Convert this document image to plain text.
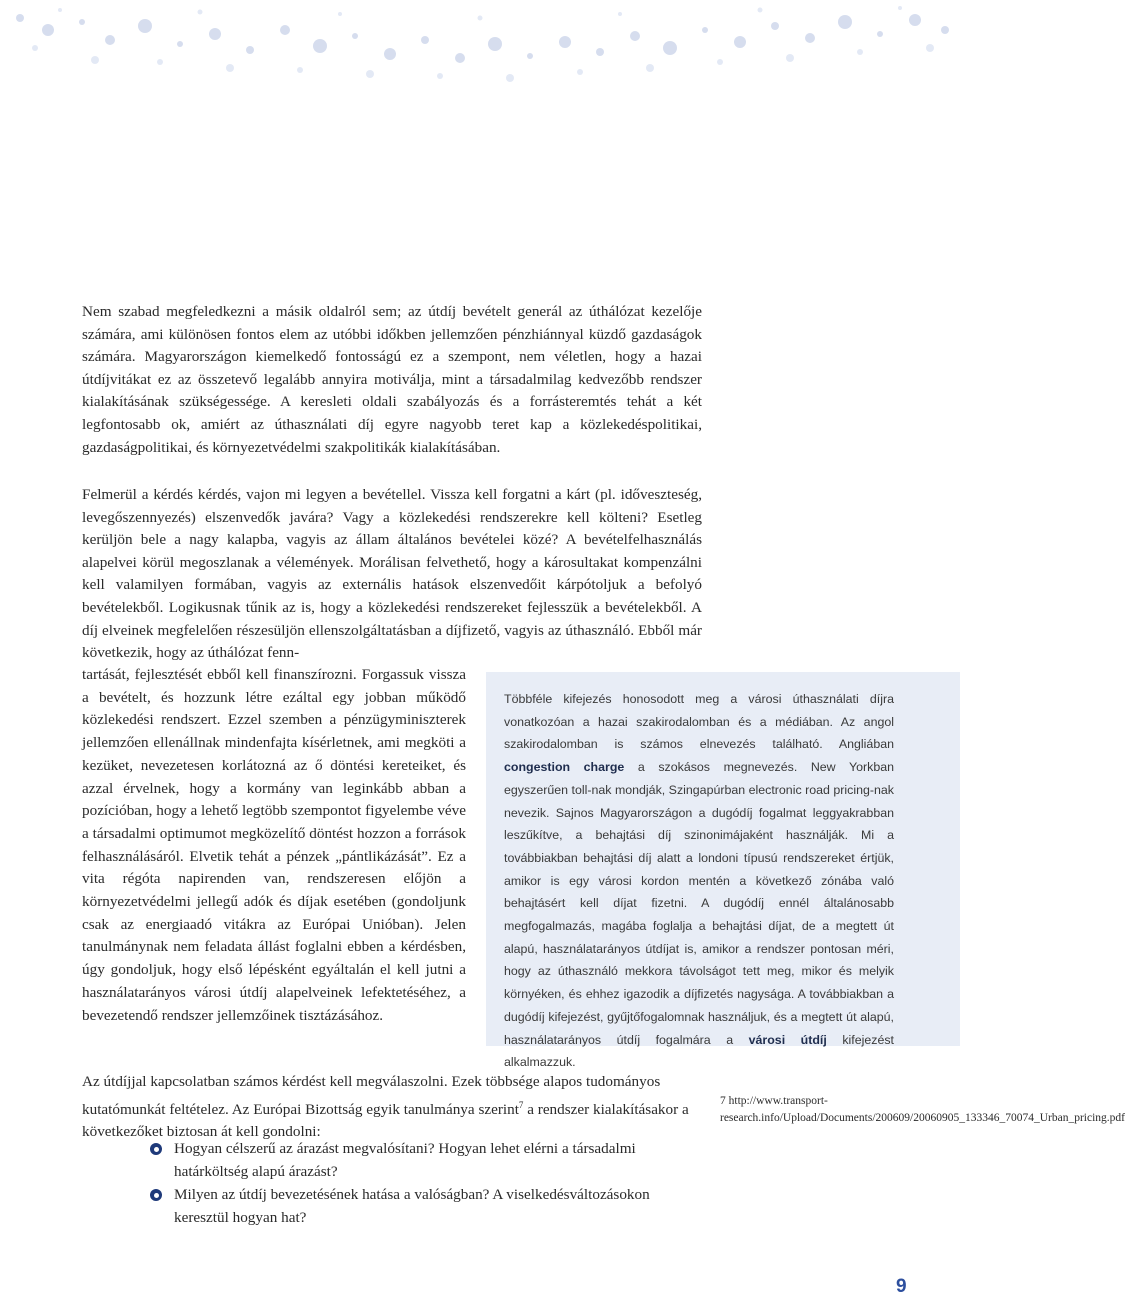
Nem szabad megfeledkezni a másik oldalról sem; az útdíj bevételt generál az úthálózat kezelője számára, ami különösen fontos elem az utóbbi időkben jellemzően pénzhiánnyal küzdő gazdaságok számára. Magyarországon kiemelkedő fontosságú ez a szempont, nem véletlen, hogy a hazai útdíjvitákat ez az összetevő legalább annyira motiválja, mint a társadalmilag kedvezőbb rendszer kialakításának szükségessége. A keresleti oldali szabályozás és a forrásteremtés tehát a két legfontosabb ok, amiért az úthasználati díj egyre nagyobb teret kap a közlekedéspolitikai, gazdaságpolitikai, és környezetvédelmi szakpolitikák kialakításában.

Felmerül a kérdés kérdés, vajon mi legyen a bevétellel. Vissza kell forgatni a kárt (pl. időveszteség, levegőszennyezés) elszenvedők javára? Vagy a közlekedési rendszerekre kell költeni? Esetleg kerüljön bele a nagy kalapba, vagyis az állam általános bevételei közé? A bevételfelhasználás alapelvei körül megoszlanak a vélemények. Morálisan felvethető, hogy a károsultakat kompenzálni kell valamilyen formában, vagyis az externális hatások elszenvedőit kárpótoljuk a befolyó bevételekből. Logikusnak tűnik az is, hogy a közlekedési rendszereket fejlesszük a bevételekből. A díj elveinek megfelelően részesüljön ellenszolgáltatásban a díjfizető, vagyis az úthasználó. Ebből már következik, hogy az úthálózat fenn-

tartását, fejlesztését ebből kell finanszírozni. Forgassuk vissza a bevételt, és hozzunk létre ezáltal egy jobban működő közlekedési rendszert. Ezzel szemben a pénzügyminiszterek jellemzően ellenállnak mindenfajta kísérletnek, ami megköti a kezüket, nevezetesen korlátozná az ő döntési kereteiket, és azzal érvelnek, hogy a kormány van leginkább abban a pozícióban, hogy a lehető legtöbb szempontot figyelembe véve a társadalmi optimumot megközelítő döntést hozzon a források felhasználásáról. Elvetik tehát a pénzek „pántlikázását”. Ez a vita régóta napirenden van, rendszeresen előjön a környezetvédelmi jellegű adók és díjak esetében (gondoljunk csak az energiaadó vitákra az Európai Unióban). Jelen tanulmánynak nem feladata állást foglalni ebben a kérdésben, úgy gondoljuk, hogy első lépésként egyáltalán el kell jutni a használatarányos városi útdíj alapelveinek lefektetéséhez, a bevezetendő rendszer jellemzőinek tisztázásához.

Többféle kifejezés honosodott meg a városi úthasználati díjra vonatkozóan a hazai szakirodalomban és a médiában. Az angol szakirodalomban is számos elnevezés található. Angliában congestion charge a szokásos megnevezés. New Yorkban egyszerűen toll-nak mondják, Szingapúrban electronic road pricing-nak nevezik. Sajnos Magyarországon a dugódíj fogalmat leggyakrabban leszűkítve, a behajtási díj szinonimájaként használják. Mi a továbbiakban behajtási díj alatt a londoni típusú rendszereket értjük, amikor is egy városi kordon mentén a következő zónába való behajtásért kell díjat fizetni. A dugódíj ennél általánosabb megfogalmazás, magába foglalja a behajtási díjat, de a megtett út alapú, használatarányos útdíjat is, amikor a rendszer pontosan méri, hogy az úthasználó mekkora távolságot tett meg, mikor és melyik környéken, és ehhez igazodik a díjfizetés nagysága. A továbbiakban a dugódíj kifejezést, gyűjtőfogalomnak használjuk, és a megtett út alapú, használatarányos útdíj fogalmára a városi útdíj kifejezést alkalmazzuk.

Az útdíjjal kapcsolatban számos kérdést kell megválaszolni. Ezek többsége alapos tudományos kutatómunkát feltételez. Az Európai Bizottság egyik tanulmánya szerint$^7$ a rendszer kialakításakor a következőket biztosan át kell gondolni:

Hogyan célszerű az árazást megvalósítani? Hogyan lehet elérni a társadalmi határköltség alapú árazást?
Milyen az útdíj bevezetésének hatása a valóságban? A viselkedésváltozásokon keresztül hogyan hat?

7 http://www.transport-research.info/Upload/Documents/200609/20060905_133346_70074_Urban_pricing.pdf

9
